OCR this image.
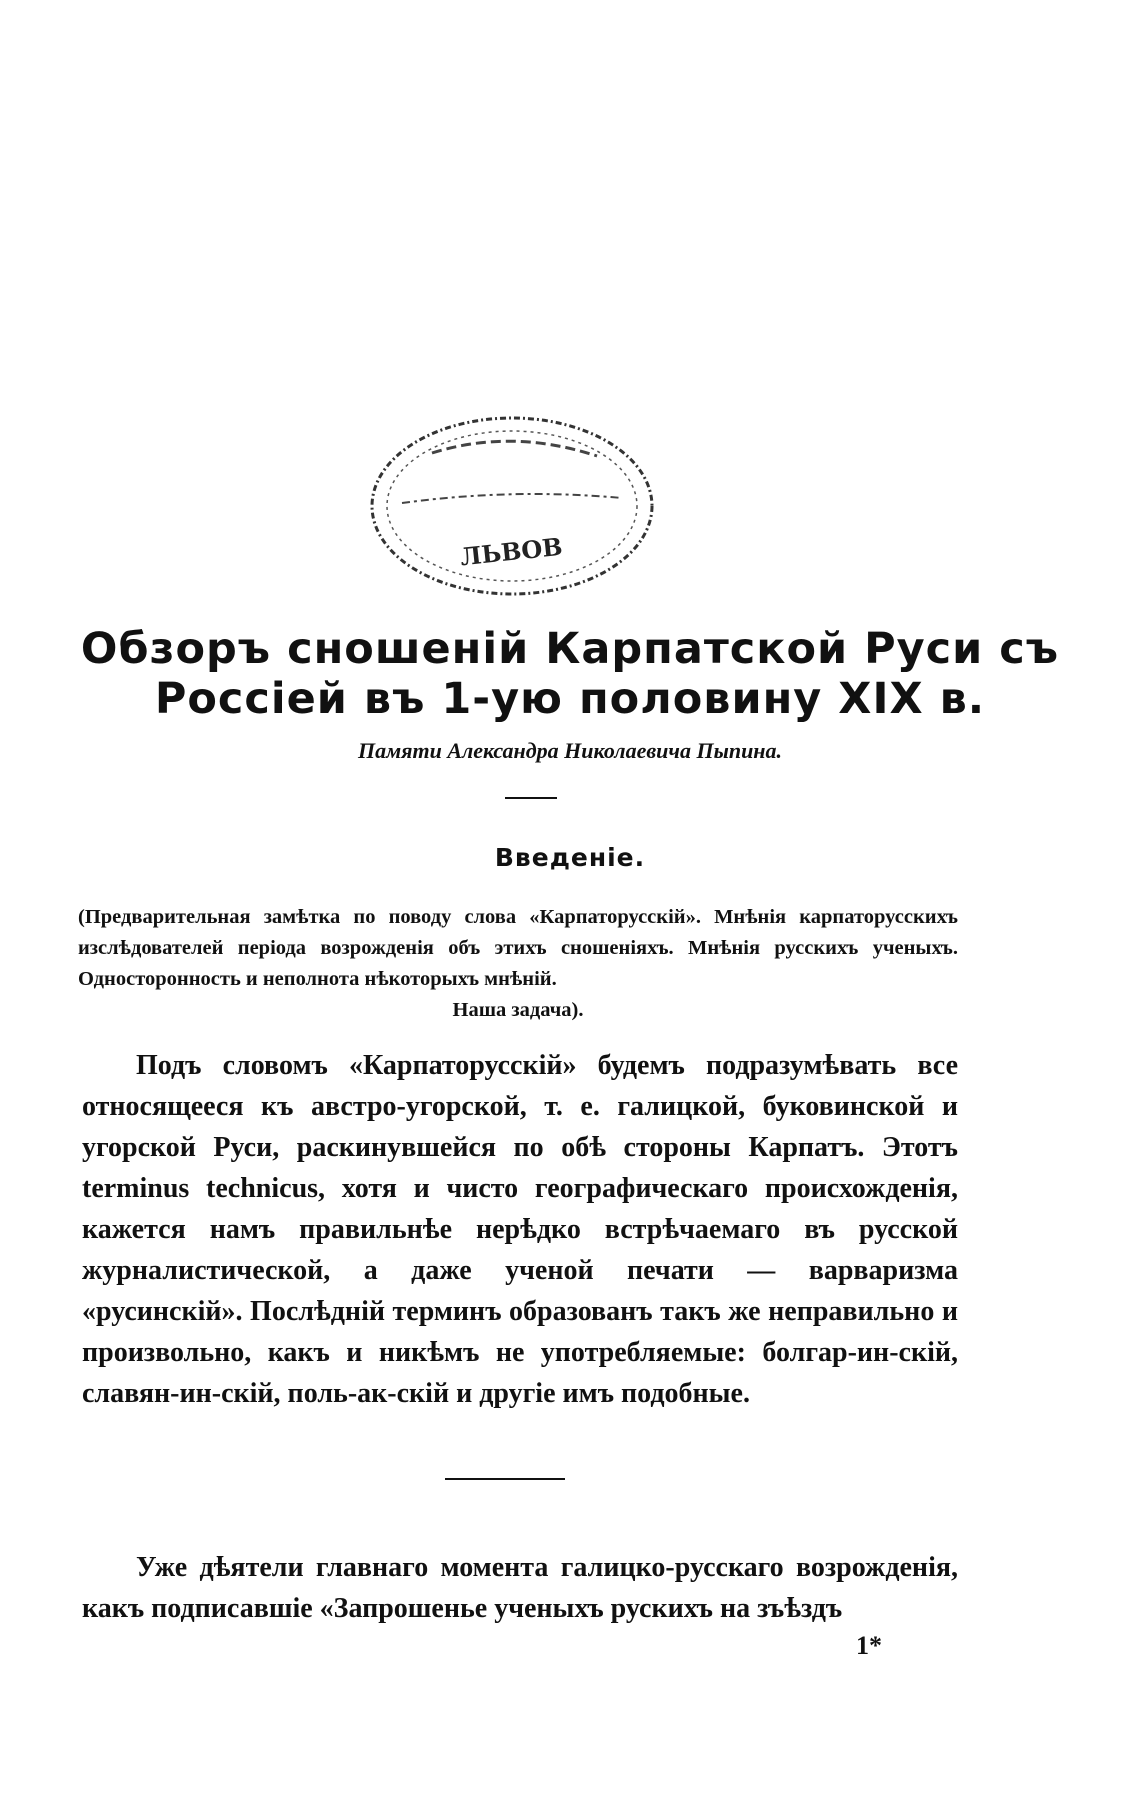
ЛЬВОВ
Обзоръ сношеній Карпатской Руси съ
Россіей въ 1-ую половину XIX в.
Памяти Александра Николаевича Пыпина.
Введеніе.
(Предварительная замѣтка по поводу слова «Карпаторусскій». Мнѣнія карпаторусскихъ изслѣдователей періода возрожденія объ этихъ сношеніяхъ. Мнѣнія русскихъ ученыхъ. Односторонность и неполнота нѣкоторыхъ мнѣній.
Наша задача).
Подъ словомъ «Карпаторусскій» будемъ подразумѣвать все относящееся къ австро-угорской, т. е. галицкой, буковинской и угорской Руси, раскинувшейся по обѣ стороны Карпатъ. Этотъ terminus technicus, хотя и чисто географическаго происхожденія, кажется намъ правильнѣе нерѣдко встрѣчаемаго въ русской журналистической, а даже ученой печати — варваризма «русинскій». Послѣдній терминъ образованъ такъ же неправильно и произвольно, какъ и никѣмъ не употребляемые: болгар-ин-скій, славян-ин-скій, поль-ак-скій и другіе имъ подобные.
Уже дѣятели главнаго момента галицко-русскаго возрожденія, какъ подписавшіе «Запрошенье ученыхъ рускихъ на зъѣздъ
1*
